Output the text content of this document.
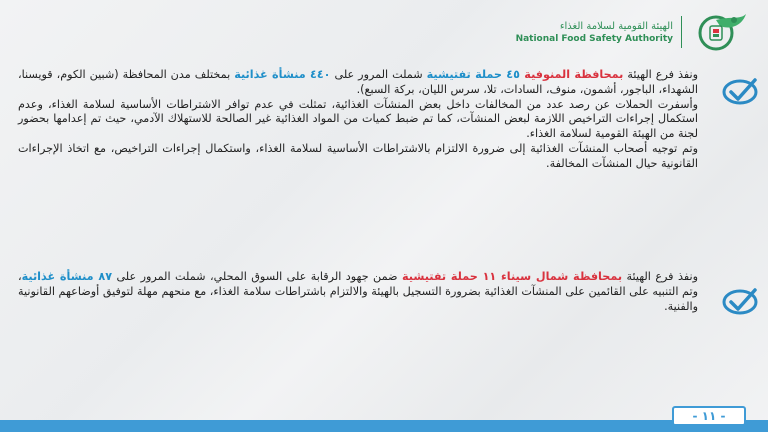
الهيئة القومية لسلامة الغذاء
National Food Safety Authority

ونفذ فرع الهيئة بمحافظة المنوفية ٤٥ حملة تفتيشية شملت المرور على ٤٤٠ منشأة غذائية بمختلف مدن المحافظة (شبين الكوم، قويسنا، الشهداء، الباجور، أشمون، منوف، السادات، تلا، سرس الليان، بركة السبع).

وأسفرت الحملات عن رصد عدد من المخالفات داخل بعض المنشآت الغذائية، تمثلت في عدم توافر الاشتراطات الأساسية لسلامة الغذاء، وعدم استكمال إجراءات التراخيص اللازمة لبعض المنشآت، كما تم ضبط كميات من المواد الغذائية غير الصالحة للاستهلاك الآدمي، حيث تم إعدامها بحضور لجنة من الهيئة القومية لسلامة الغذاء.

وتم توجيه أصحاب المنشآت الغذائية إلى ضرورة الالتزام بالاشتراطات الأساسية لسلامة الغذاء، واستكمال إجراءات التراخيص، مع اتخاذ الإجراءات القانونية حيال المنشآت المخالفة.

ونفذ فرع الهيئة بمحافظة شمال سيناء ١١ حملة تفتيشية ضمن جهود الرقابة على السوق المحلي، شملت المرور على ٨٧ منشأة غذائية، وتم التنبيه على القائمين على المنشآت الغذائية بضرورة التسجيل بالهيئة والالتزام باشتراطات سلامة الغذاء، مع منحهم مهلة لتوفيق أوضاعهم القانونية والفنية.

- ١١ -
